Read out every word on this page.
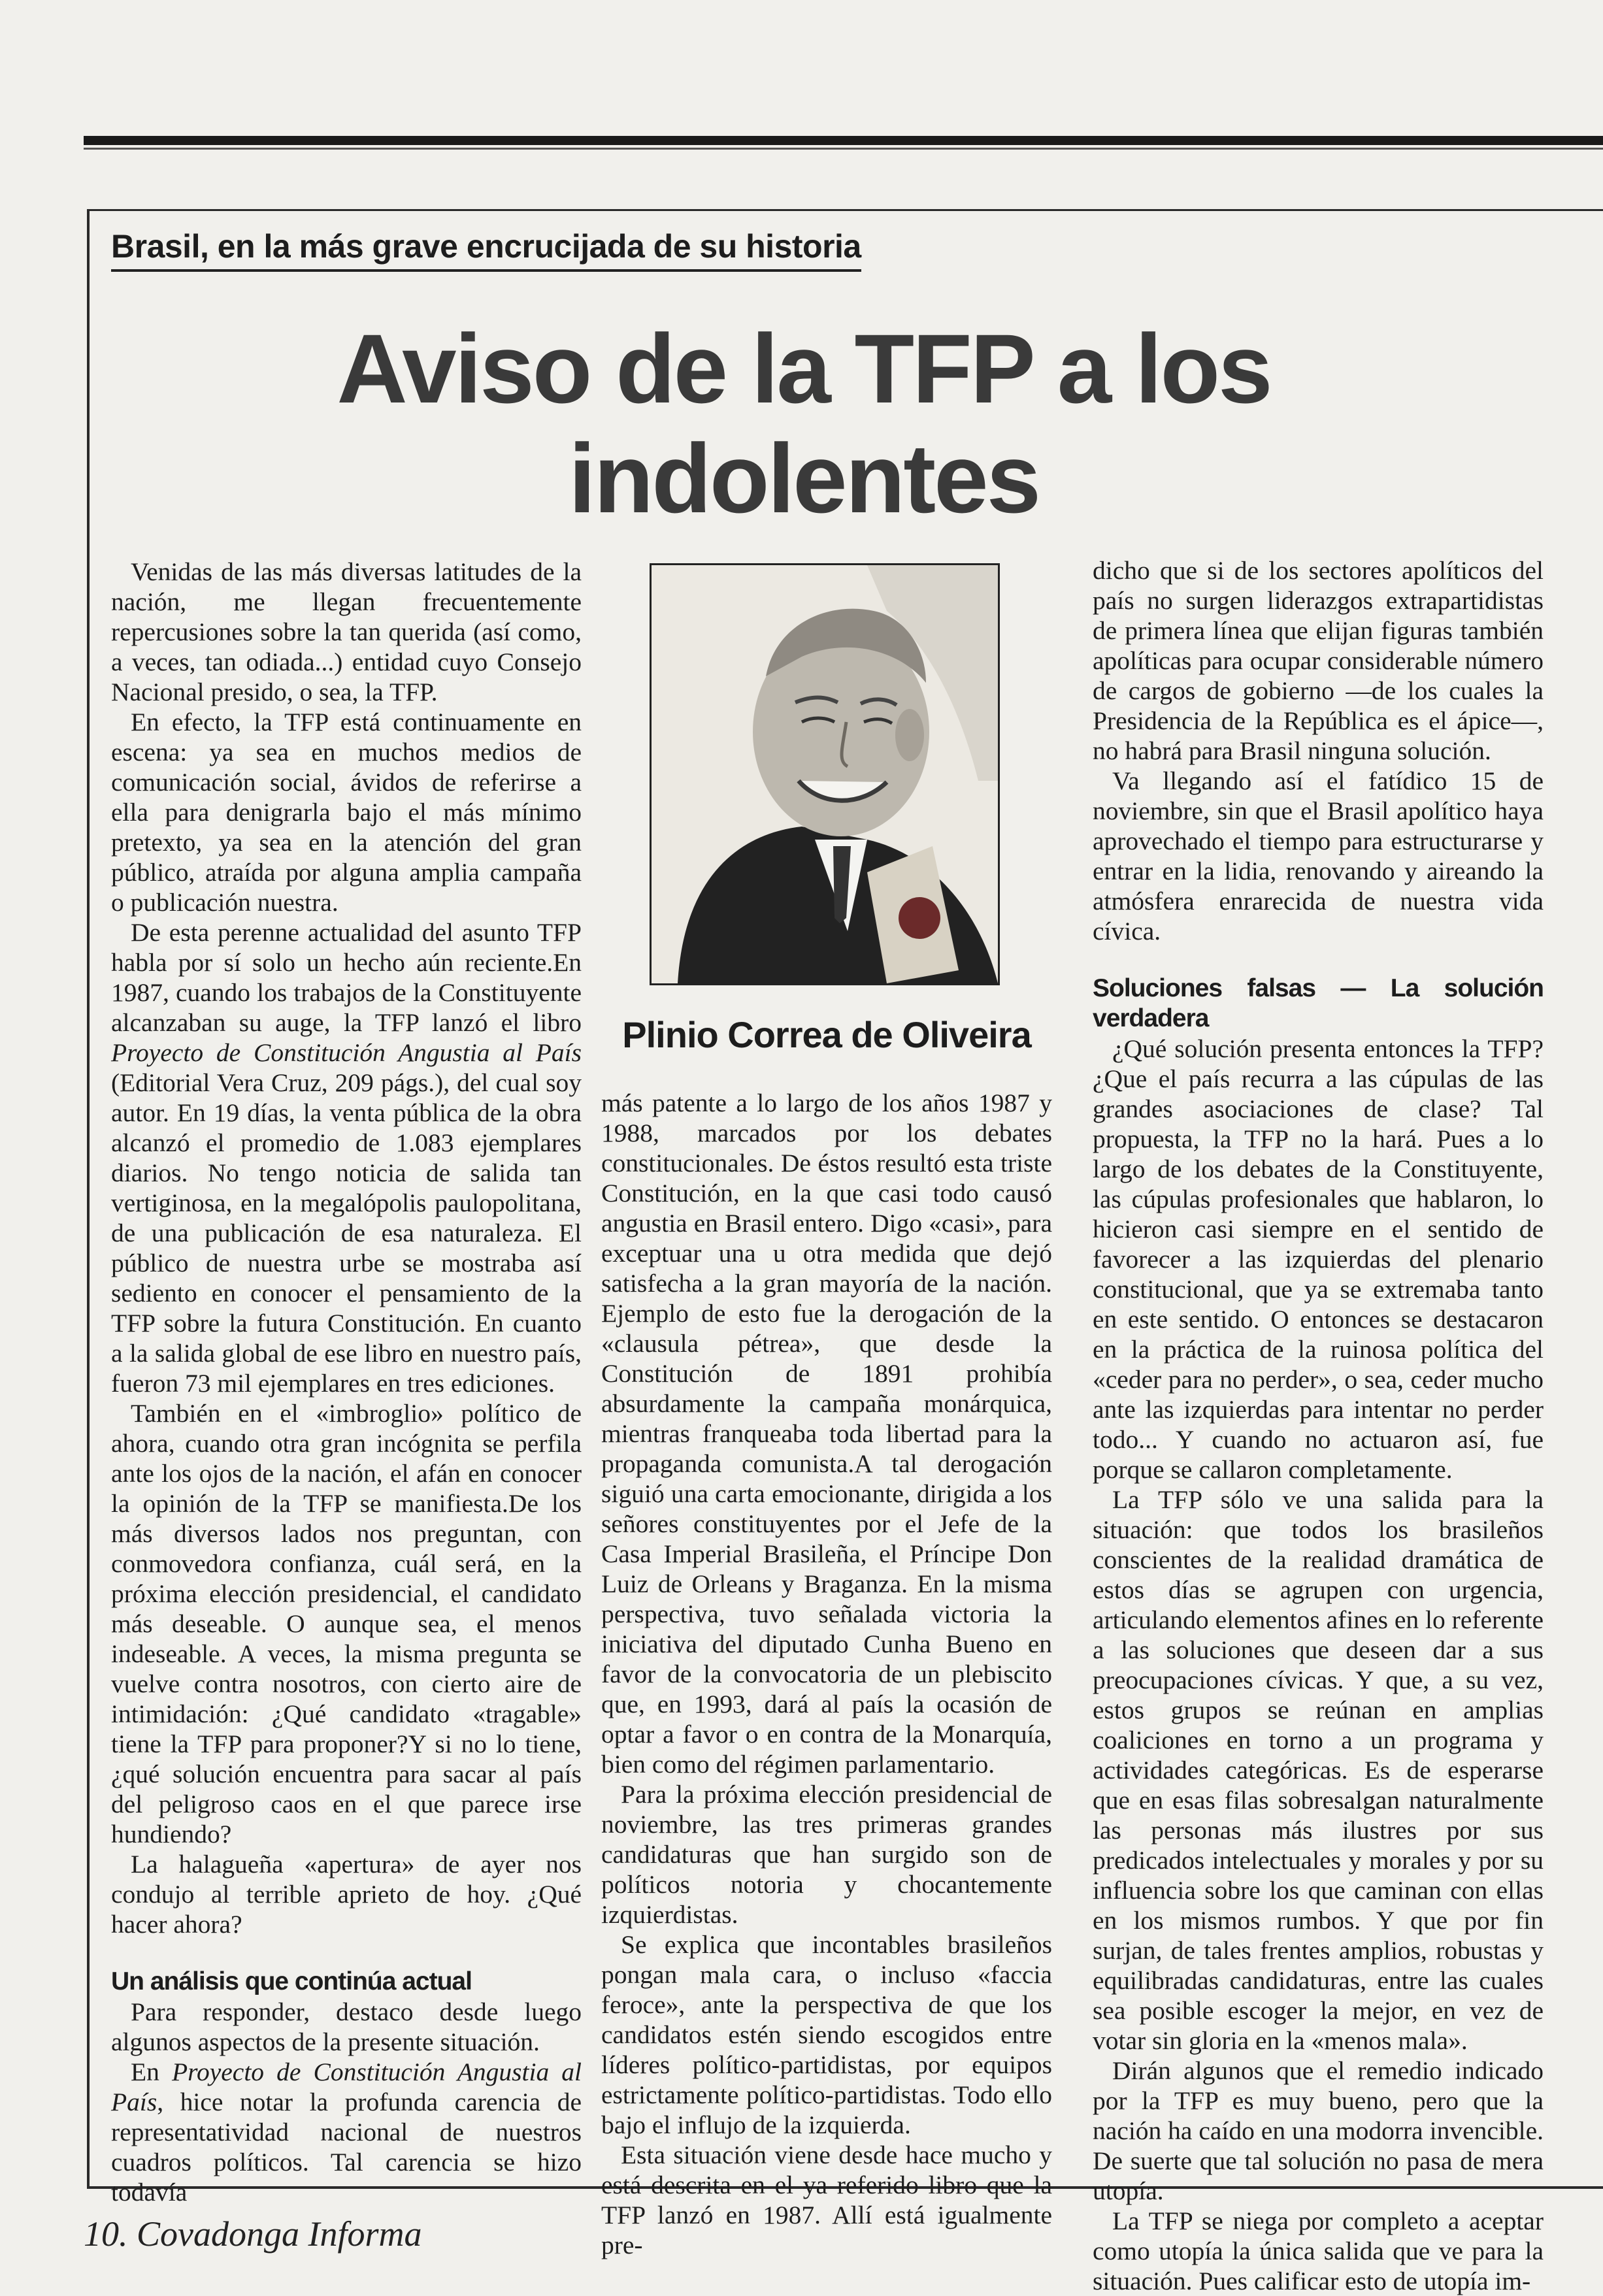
Brasil, en la más grave encrucijada de su historia
Aviso de la TFP a los indolentes

Venidas de las más diversas latitudes de la nación, me llegan frecuentemente repercusiones sobre la tan querida (así como, a veces, tan odiada...) entidad cuyo Consejo Nacional presido, o sea, la TFP.

En efecto, la TFP está continuamente en escena: ya sea en muchos medios de comunicación social, ávidos de referirse a ella para denigrarla bajo el más mínimo pretexto, ya sea en la atención del gran público, atraída por alguna amplia campaña o publicación nuestra.

De esta perenne actualidad del asunto TFP habla por sí solo un hecho aún reciente.En 1987, cuando los trabajos de la Constituyente alcanzaban su auge, la TFP lanzó el libro Proyecto de Constitución Angustia al País (Editorial Vera Cruz, 209 págs.), del cual soy autor. En 19 días, la venta pública de la obra alcanzó el promedio de 1.083 ejemplares diarios. No tengo noticia de salida tan vertiginosa, en la megalópolis paulopolitana, de una publicación de esa naturaleza. El público de nuestra urbe se mostraba así sediento en conocer el pensamiento de la TFP sobre la futura Constitución. En cuanto a la salida global de ese libro en nuestro país, fueron 73 mil ejemplares en tres ediciones.

También en el «imbroglio» político de ahora, cuando otra gran incógnita se perfila ante los ojos de la nación, el afán en conocer la opinión de la TFP se manifiesta.De los más diversos lados nos preguntan, con conmovedora confianza, cuál será, en la próxima elección presidencial, el candidato más deseable. O aunque sea, el menos indeseable. A veces, la misma pregunta se vuelve contra nosotros, con cierto aire de intimidación: ¿Qué candidato «tragable» tiene la TFP para proponer?Y si no lo tiene, ¿qué solución encuentra para sacar al país del peligroso caos en el que parece irse hundiendo?

La halagueña «apertura» de ayer nos condujo al terrible aprieto de hoy. ¿Qué hacer ahora?

Un análisis que continúa actual

Para responder, destaco desde luego algunos aspectos de la presente situación.

En Proyecto de Constitución Angustia al País, hice notar la profunda carencia de representatividad nacional de nuestros cuadros políticos. Tal carencia se hizo todavía

Plinio Correa de Oliveira

más patente a lo largo de los años 1987 y 1988, marcados por los debates constitucionales. De éstos resultó esta triste Constitución, en la que casi todo causó angustia en Brasil entero. Digo «casi», para exceptuar una u otra medida que dejó satisfecha a la gran mayoría de la nación. Ejemplo de esto fue la derogación de la «clausula pétrea», que desde la Constitución de 1891 prohibía absurdamente la campaña monárquica, mientras franqueaba toda libertad para la propaganda comunista.A tal derogación siguió una carta emocionante, dirigida a los señores constituyentes por el Jefe de la Casa Imperial Brasileña, el Príncipe Don Luiz de Orleans y Braganza. En la misma perspectiva, tuvo señalada victoria la iniciativa del diputado Cunha Bueno en favor de la convocatoria de un plebiscito que, en 1993, dará al país la ocasión de optar a favor o en contra de la Monarquía, bien como del régimen parlamentario.

Para la próxima elección presidencial de noviembre, las tres primeras grandes candidaturas que han surgido son de políticos notoria y chocantemente izquierdistas.

Se explica que incontables brasileños pongan mala cara, o incluso «faccia feroce», ante la perspectiva de que los candidatos estén siendo escogidos entre líderes político-partidistas, por equipos estrictamente político-partidistas. Todo ello bajo el influjo de la izquierda.

Esta situación viene desde hace mucho y está descrita en el ya referido libro que la TFP lanzó en 1987. Allí está igualmente pre-

dicho que si de los sectores apolíticos del país no surgen liderazgos extrapartidistas de primera línea que elijan figuras también apolíticas para ocupar considerable número de cargos de gobierno —de los cuales la Presidencia de la República es el ápice—, no habrá para Brasil ninguna solución.

Va llegando así el fatídico 15 de noviembre, sin que el Brasil apolítico haya aprovechado el tiempo para estructurarse y entrar en la lidia, renovando y aireando la atmósfera enrarecida de nuestra vida cívica.

Soluciones falsas — La solución verdadera

¿Qué solución presenta entonces la TFP? ¿Que el país recurra a las cúpulas de las grandes asociaciones de clase? Tal propuesta, la TFP no la hará. Pues a lo largo de los debates de la Constituyente, las cúpulas profesionales que hablaron, lo hicieron casi siempre en el sentido de favorecer a las izquierdas del plenario constitucional, que ya se extremaba tanto en este sentido. O entonces se destacaron en la práctica de la ruinosa política del «ceder para no perder», o sea, ceder mucho ante las izquierdas para intentar no perder todo... Y cuando no actuaron así, fue porque se callaron completamente.

La TFP sólo ve una salida para la situación: que todos los brasileños conscientes de la realidad dramática de estos días se agrupen con urgencia, articulando elementos afines en lo referente a las soluciones que deseen dar a sus preocupaciones cívicas. Y que, a su vez, estos grupos se reúnan en amplias coaliciones en torno a un programa y actividades categóricas. Es de esperarse que en esas filas sobresalgan naturalmente las personas más ilustres por sus predicados intelectuales y morales y por su influencia sobre los que caminan con ellas en los mismos rumbos. Y que por fin surjan, de tales frentes amplios, robustas y equilibradas candidaturas, entre las cuales sea posible escoger la mejor, en vez de votar sin gloria en la «menos mala».

Dirán algunos que el remedio indicado por la TFP es muy bueno, pero que la nación ha caído en una modorra invencible. De suerte que tal solución no pasa de mera utopía.

La TFP se niega por completo a aceptar como utopía la única salida que ve para la situación. Pues calificar esto de utopía im-

10. Covadonga Informa
